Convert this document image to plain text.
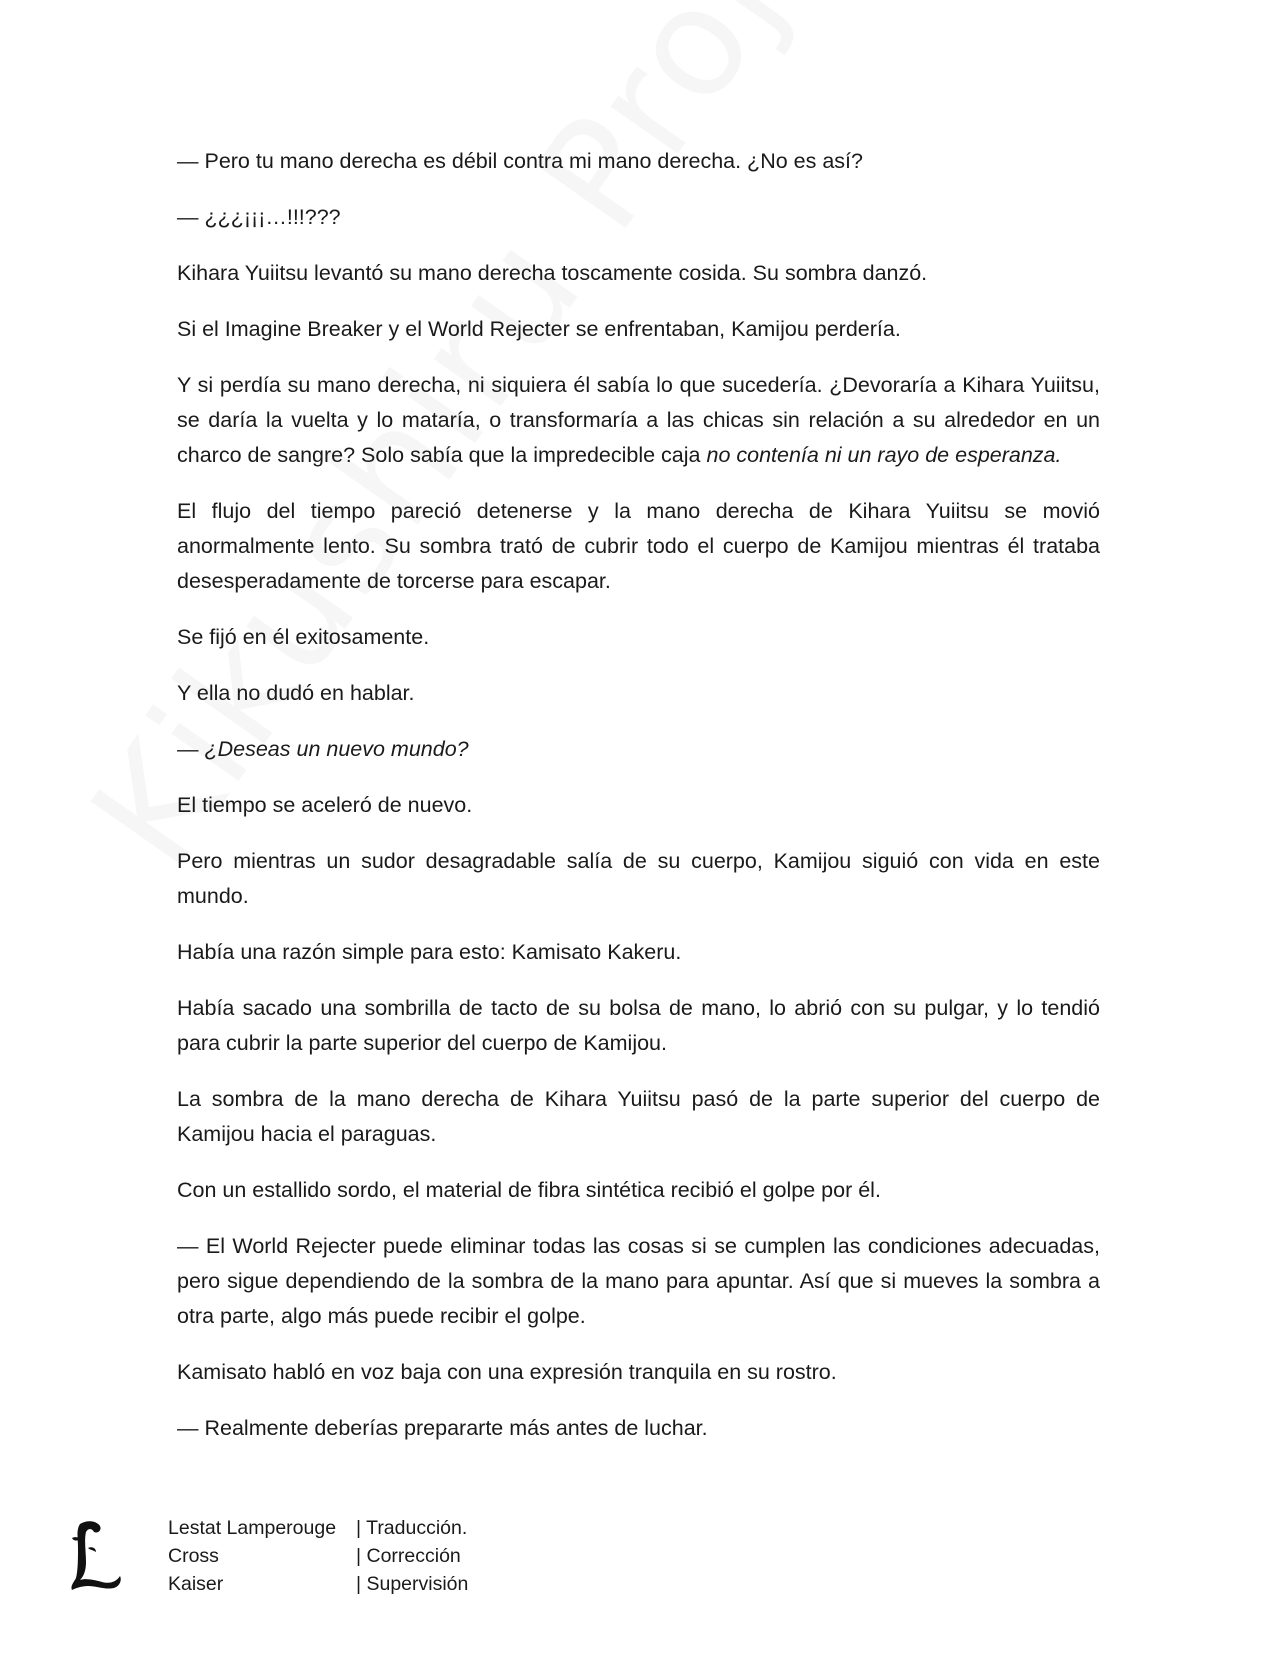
— Pero tu mano derecha es débil contra mi mano derecha. ¿No es así?

— ¿¿¿¡¡¡…!!!???

Kihara Yuiitsu levantó su mano derecha toscamente cosida. Su sombra danzó.

Si el Imagine Breaker y el World Rejecter se enfrentaban, Kamijou perdería.

Y si perdía su mano derecha, ni siquiera él sabía lo que sucedería. ¿Devoraría a Kihara Yuiitsu, se daría la vuelta y lo mataría, o transformaría a las chicas sin relación a su alrededor en un charco de sangre? Solo sabía que la impredecible caja no contenía ni un rayo de esperanza.

El flujo del tiempo pareció detenerse y la mano derecha de Kihara Yuiitsu se movió anormalmente lento. Su sombra trató de cubrir todo el cuerpo de Kamijou mientras él trataba desesperadamente de torcerse para escapar.

Se fijó en él exitosamente.

Y ella no dudó en hablar.

— ¿Deseas un nuevo mundo?

El tiempo se aceleró de nuevo.

Pero mientras un sudor desagradable salía de su cuerpo, Kamijou siguió con vida en este mundo.

Había una razón simple para esto: Kamisato Kakeru.

Había sacado una sombrilla de tacto de su bolsa de mano, lo abrió con su pulgar, y lo tendió para cubrir la parte superior del cuerpo de Kamijou.

La sombra de la mano derecha de Kihara Yuiitsu pasó de la parte superior del cuerpo de Kamijou hacia el paraguas.

Con un estallido sordo, el material de fibra sintética recibió el golpe por él.

— El World Rejecter puede eliminar todas las cosas si se cumplen las condiciones adecuadas, pero sigue dependiendo de la sombra de la mano para apuntar. Así que si mueves la sombra a otra parte, algo más puede recibir el golpe.

Kamisato habló en voz baja con una expresión tranquila en su rostro.

— Realmente deberías prepararte más antes de luchar.

Lestat Lamperouge	| Traducción.
Cross	| Corrección
Kaiser	| Supervisión
